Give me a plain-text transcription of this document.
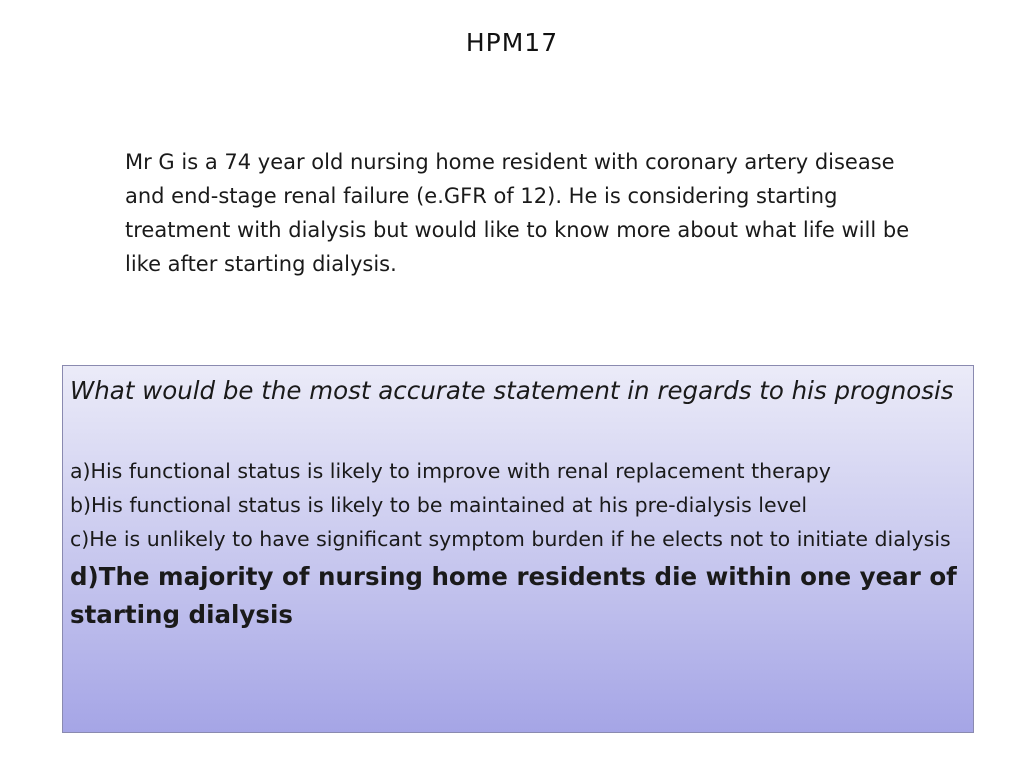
HPM17

Mr G is a 74 year old nursing home resident with coronary artery disease and end-stage renal failure (e.GFR of 12). He is considering starting treatment with dialysis but would like to know more about what life will be like after starting dialysis.

What would be the most accurate statement in regards to his prognosis

a)His functional status is likely to improve with renal replacement therapy

b)His functional status is likely to be maintained at his pre-dialysis level

c)He is unlikely to have significant symptom burden if he elects not to initiate dialysis

d)The majority of nursing home residents die within one year of starting dialysis
